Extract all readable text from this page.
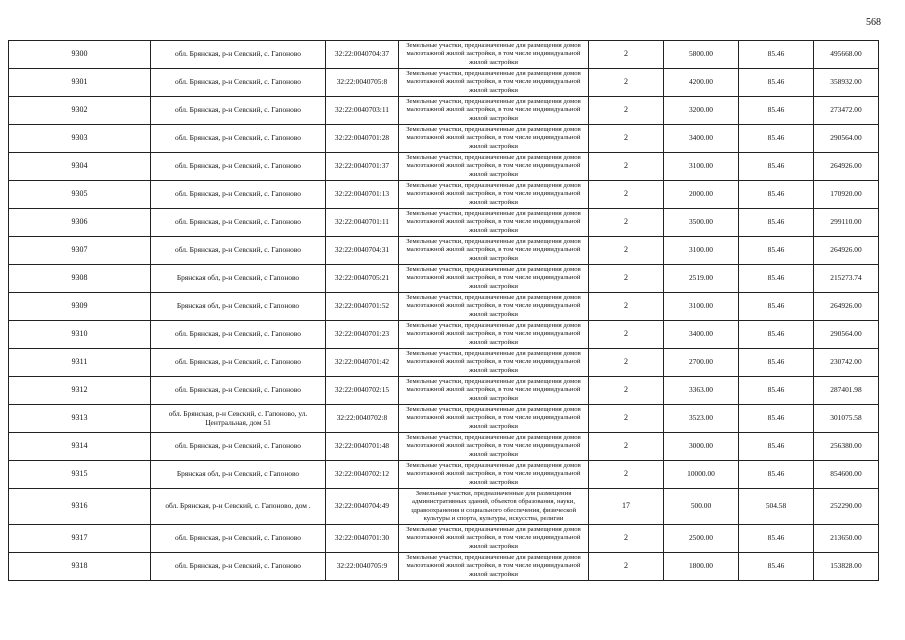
568
9300	обл. Брянская, р-н Севский, с. Гапоново	32:22:0040704:37	Земельные участки, предназначенные для размещения домов малоэтажной жилой застройки, в том числе индивидуальной жилой застройки	2	5800.00	85.46	495668.00
9301	обл. Брянская, р-н Севский, с. Гапоново	32:22:0040705:8	Земельные участки, предназначенные для размещения домов малоэтажной жилой застройки, в том числе индивидуальной жилой застройки	2	4200.00	85.46	358932.00
9302	обл. Брянская, р-н Севский, с. Гапоново	32:22:0040703:11	Земельные участки, предназначенные для размещения домов малоэтажной жилой застройки, в том числе индивидуальной жилой застройки	2	3200.00	85.46	273472.00
9303	обл. Брянская, р-н Севский, с. Гапоново	32:22:0040701:28	Земельные участки, предназначенные для размещения домов малоэтажной жилой застройки, в том числе индивидуальной жилой застройки	2	3400.00	85.46	290564.00
9304	обл. Брянская, р-н Севский, с. Гапоново	32:22:0040701:37	Земельные участки, предназначенные для размещения домов малоэтажной жилой застройки, в том числе индивидуальной жилой застройки	2	3100.00	85.46	264926.00
9305	обл. Брянская, р-н Севский, с. Гапоново	32:22:0040701:13	Земельные участки, предназначенные для размещения домов малоэтажной жилой застройки, в том числе индивидуальной жилой застройки	2	2000.00	85.46	170920.00
9306	обл. Брянская, р-н Севский, с. Гапоново	32:22:0040701:11	Земельные участки, предназначенные для размещения домов малоэтажной жилой застройки, в том числе индивидуальной жилой застройки	2	3500.00	85.46	299110.00
9307	обл. Брянская, р-н Севский, с. Гапоново	32:22:0040704:31	Земельные участки, предназначенные для размещения домов малоэтажной жилой застройки, в том числе индивидуальной жилой застройки	2	3100.00	85.46	264926.00
9308	Брянская обл, р-н Севский, с Гапоново	32:22:0040705:21	Земельные участки, предназначенные для размещения домов малоэтажной жилой застройки, в том числе индивидуальной жилой застройки	2	2519.00	85.46	215273.74
9309	Брянская обл, р-н Севский, с Гапоново	32:22:0040701:52	Земельные участки, предназначенные для размещения домов малоэтажной жилой застройки, в том числе индивидуальной жилой застройки	2	3100.00	85.46	264926.00
9310	обл. Брянская, р-н Севский, с. Гапоново	32:22:0040701:23	Земельные участки, предназначенные для размещения домов малоэтажной жилой застройки, в том числе индивидуальной жилой застройки	2	3400.00	85.46	290564.00
9311	обл. Брянская, р-н Севский, с. Гапоново	32:22:0040701:42	Земельные участки, предназначенные для размещения домов малоэтажной жилой застройки, в том числе индивидуальной жилой застройки	2	2700.00	85.46	230742.00
9312	обл. Брянская, р-н Севский, с. Гапоново	32:22:0040702:15	Земельные участки, предназначенные для размещения домов малоэтажной жилой застройки, в том числе индивидуальной жилой застройки	2	3363.00	85.46	287401.98
9313	обл. Брянская, р-н Севский, с. Гапоново, ул. Центральная, дом 51	32:22:0040702:8	Земельные участки, предназначенные для размещения домов малоэтажной жилой застройки, в том числе индивидуальной жилой застройки	2	3523.00	85.46	301075.58
9314	обл. Брянская, р-н Севский, с. Гапоново	32:22:0040701:48	Земельные участки, предназначенные для размещения домов малоэтажной жилой застройки, в том числе индивидуальной жилой застройки	2	3000.00	85.46	256380.00
9315	Брянская обл, р-н Севский, с Гапоново	32:22:0040702:12	Земельные участки, предназначенные для размещения домов малоэтажной жилой застройки, в том числе индивидуальной жилой застройки	2	10000.00	85.46	854600.00
9316	обл. Брянская, р-н Севский, с. Гапоново, дом .	32:22:0040704:49	Земельные участки, предназначенные для размещения административных зданий, объектов образования, науки, здравоохранения и социального обеспечения, физической культуры и спорта, культуры, искусства, религии	17	500.00	504.58	252290.00
9317	обл. Брянская, р-н Севский, с. Гапоново	32:22:0040701:30	Земельные участки, предназначенные для размещения домов малоэтажной жилой застройки, в том числе индивидуальной жилой застройки	2	2500.00	85.46	213650.00
9318	обл. Брянская, р-н Севский, с. Гапоново	32:22:0040705:9	Земельные участки, предназначенные для размещения домов малоэтажной жилой застройки, в том числе индивидуальной жилой застройки	2	1800.00	85.46	153828.00
